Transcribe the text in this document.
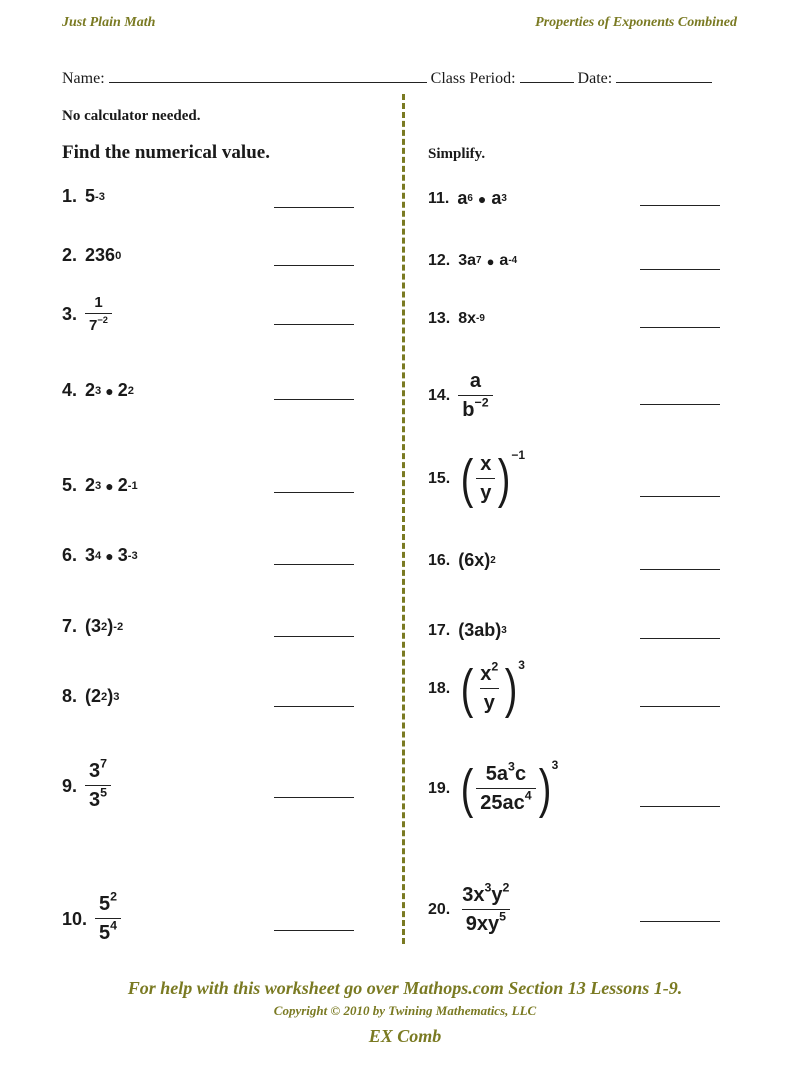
Just Plain Math	Properties of Exponents Combined
Name:	Class Period:	Date:
No calculator needed.
Find the numerical value.	Simplify.
1. 5 -3
2. 236 0
3. $\frac{1}{7^{-2}}$
4. 2 3 ● 2 2
5. 2 3 ● 2 -1
6. 3 4 ● 3 -3
7. (3 2 ) -2
8. (2 2 ) 3
9. $\frac{3^7}{3^5}$
10. $\frac{5^2}{5^4}$
11. a 6 ● a 3
12. 3a 7 ● a -4
13. 8x -9
14. $\frac{a}{b^{-2}}$
15. ( $\frac{x}{y}$ ) −1
16. (6x) 2
17. (3ab) 3
18. ( $\frac{x^2}{y}$ ) 3
19. ( $\frac{5a^3c}{25ac^4}$ ) 3
20. $\frac{3x^3y^2}{9xy^5}$
For help with this worksheet go over Mathops.com Section 13 Lessons 1-9.
Copyright © 2010 by Twining Mathematics, LLC
EX Comb
